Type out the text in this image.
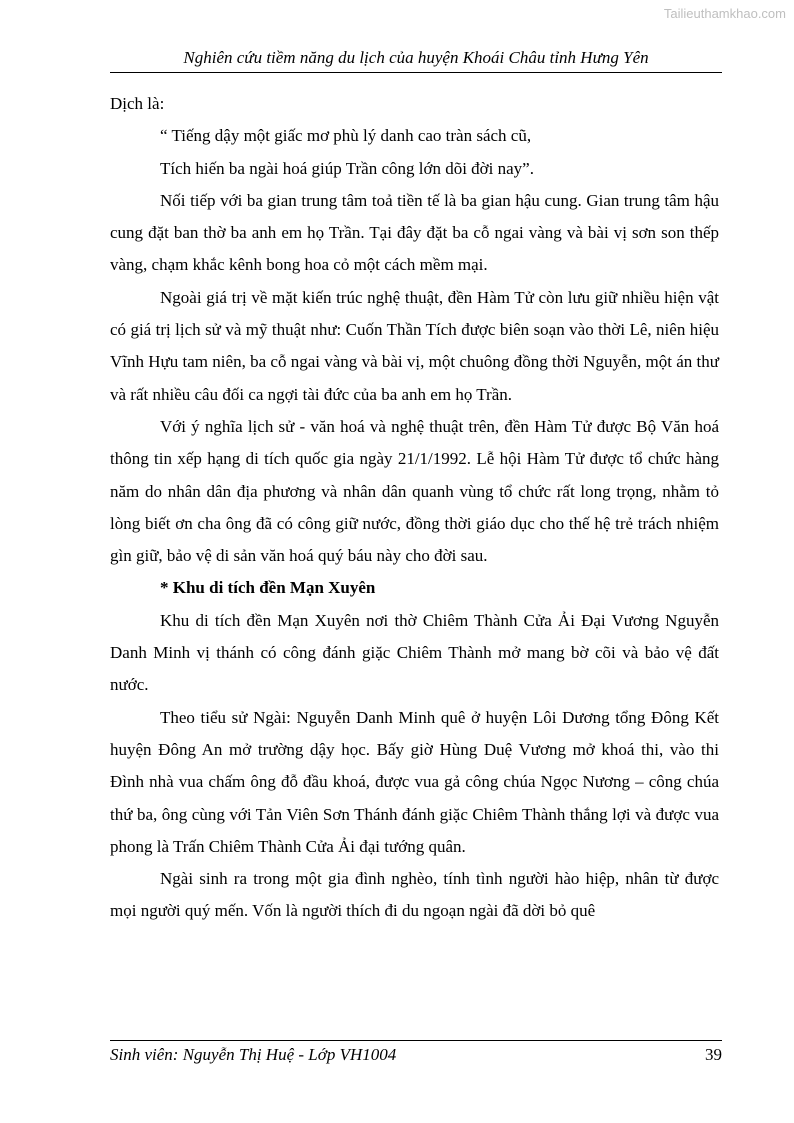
Tailieuthamkhao.com
Nghiên cứu tiềm năng du lịch của huyện Khoái Châu tỉnh Hưng Yên

Dịch là:

“ Tiếng dậy một giấc mơ phù lý danh cao tràn sách cũ,

Tích hiến ba ngài hoá giúp Trần công lớn dõi đời nay”.

Nối tiếp với ba gian trung tâm toả tiền tế là ba gian hậu cung. Gian trung tâm hậu cung đặt ban thờ ba anh em họ Trần. Tại đây đặt ba cỗ ngai vàng và bài vị sơn son thếp vàng, chạm khắc kênh bong hoa cỏ một cách mềm mại.

Ngoài giá trị về mặt kiến trúc nghệ thuật, đền Hàm Tử còn lưu giữ nhiều hiện vật có giá trị lịch sử và mỹ thuật như: Cuốn Thần Tích được biên soạn vào thời Lê, niên hiệu Vĩnh Hựu tam niên, ba cỗ ngai vàng và bài vị, một chuông đồng thời Nguyễn, một án thư và rất nhiều câu đối ca ngợi tài đức của ba anh em họ Trần.

Với ý nghĩa lịch sử - văn hoá và nghệ thuật trên, đền Hàm Tử được Bộ Văn hoá thông tin xếp hạng di tích quốc gia ngày 21/1/1992. Lễ hội Hàm Tử được tổ chức hàng năm do nhân dân địa phương và nhân dân quanh vùng tổ chức rất long trọng, nhằm tỏ lòng biết ơn cha ông đã có công giữ nước, đồng thời giáo dục cho thế hệ trẻ trách nhiệm gìn giữ, bảo vệ di sản văn hoá quý báu này cho đời sau.

* Khu di tích đền Mạn Xuyên

Khu di tích đền Mạn Xuyên nơi thờ Chiêm Thành Cửa Ải Đại Vương Nguyễn Danh Minh vị thánh có công đánh giặc Chiêm Thành mở mang bờ cõi và bảo vệ đất nước.

Theo tiểu sử Ngài: Nguyễn Danh Minh quê ở huyện Lôi Dương tổng Đông Kết huyện Đông An mở trường dậy học. Bấy giờ Hùng Duệ Vương mở khoá thi, vào thi Đình nhà vua chấm ông đỗ đầu khoá, được vua gả công chúa Ngọc Nương – công chúa thứ ba, ông cùng với Tản Viên Sơn Thánh đánh giặc Chiêm Thành thắng lợi và được vua phong là Trấn Chiêm Thành Cửa Ải đại tướng quân.

Ngài sinh ra trong một gia đình nghèo, tính tình người hào hiệp, nhân từ được mọi người quý mến. Vốn là người thích đi du ngoạn ngài đã dời bỏ quê

Sinh viên: Nguyễn Thị Huệ - Lớp VH1004	39
